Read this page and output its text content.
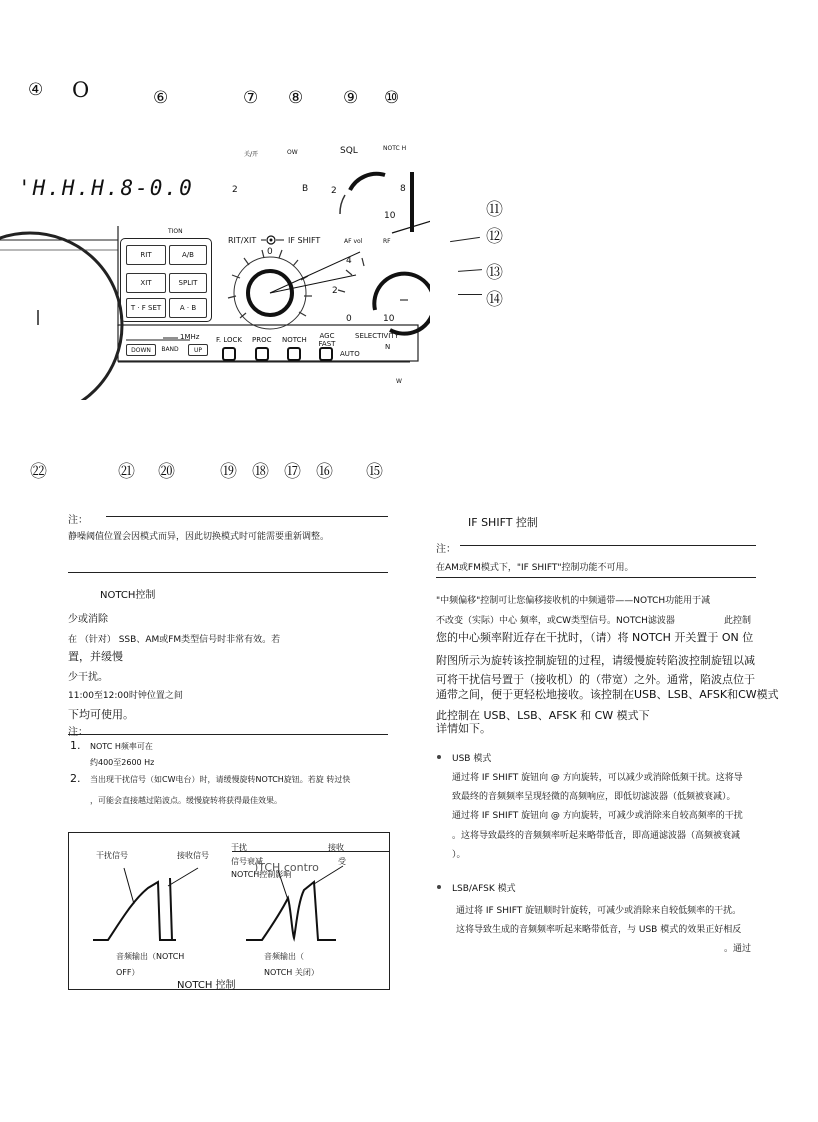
④ O	⑥	⑦ ⑧ ⑨ ⑩
'H.H.H.8-0.0
关/开	OW
NOTC H
SQL
2	B
TION
AF vol	RF
W
RIT/XIT	IF SHIFT
0
2
4
10
2
0	10
8
RIT	A/B
XIT	SPLIT
T · F SET	A · B
1MHz
DOWN	BAND	UP
F. LOCK PROC NOTCH	AGC FAST
SELECTIVITY
AUTO
N
⑪
⑫
⑬
⑭
㉒	㉑ ⑳	⑲ ⑱ ⑰ ⑯ ⑮
注：
静噪阈值位置会因模式而异，因此切换模式时可能需要重新调整。
NOTCH控制
少或消除
在 （针对） SSB、AM或FM类型信号时非常有效。若
置，并缓慢
少干扰。
11:00至12:00时钟位置之间
下均可使用。
注：
1. NOTC H频率可在
约400至2600 Hz
2. 当出现干扰信号（如CW电台）时，请缓慢旋转NOTCH旋钮。若旋 转过快
，可能会直接越过陷波点。缓慢旋转将获得最佳效果。
干扰信号	接收信号
干扰	接收
信号衰减
NOTCH控制影响
受
)TCH contro
音频输出（NOTCH
OFF）
音频输出（
NOTCH 关闭）
NOTCH 控制
IF SHIFT 控制
注：
在AM或FM模式下，"IF SHIFT"控制功能不可用。
"中频偏移"控制可让您偏移接收机的中频通带——NOTCH功能用于减
不改变（实际）中心 频率，或CW类型信号。NOTCH滤波器	此控制
您的中心频率附近存在干扰时，（请）将 NOTCH 开关置于 ON 位
附图所示为旋转该控制旋钮的过程，请缓慢旋转陷波控制旋钮以减
可将干扰信号置于（接收机）的（带宽）之外。通常，陷波点位于
通带之间，便于更轻松地接收。该控制在USB、LSB、AFSK和CW模式
此控制在 USB、LSB、AFSK 和 CW 模式下
详情如下。
USB 模式
通过将 IF SHIFT 旋钮向 @ 方向旋转，可以减少或消除低频干扰。这将导
致最终的音频频率呈现轻微的高频响应，即低切滤波器（低频被衰减）。
通过将 IF SHIFT 旋钮向 @ 方向旋转，可减少或消除来自较高频率的干扰
。这将导致最终的音频频率听起来略带低音，即高通滤波器（高频被衰减
）。
LSB/AFSK 模式
通过将 IF SHIFT 旋钮顺时针旋转，可减少或消除来自较低频率的干扰。
这将导致生成的音频频率听起来略带低音，与 USB 模式的效果正好相反
。通过
